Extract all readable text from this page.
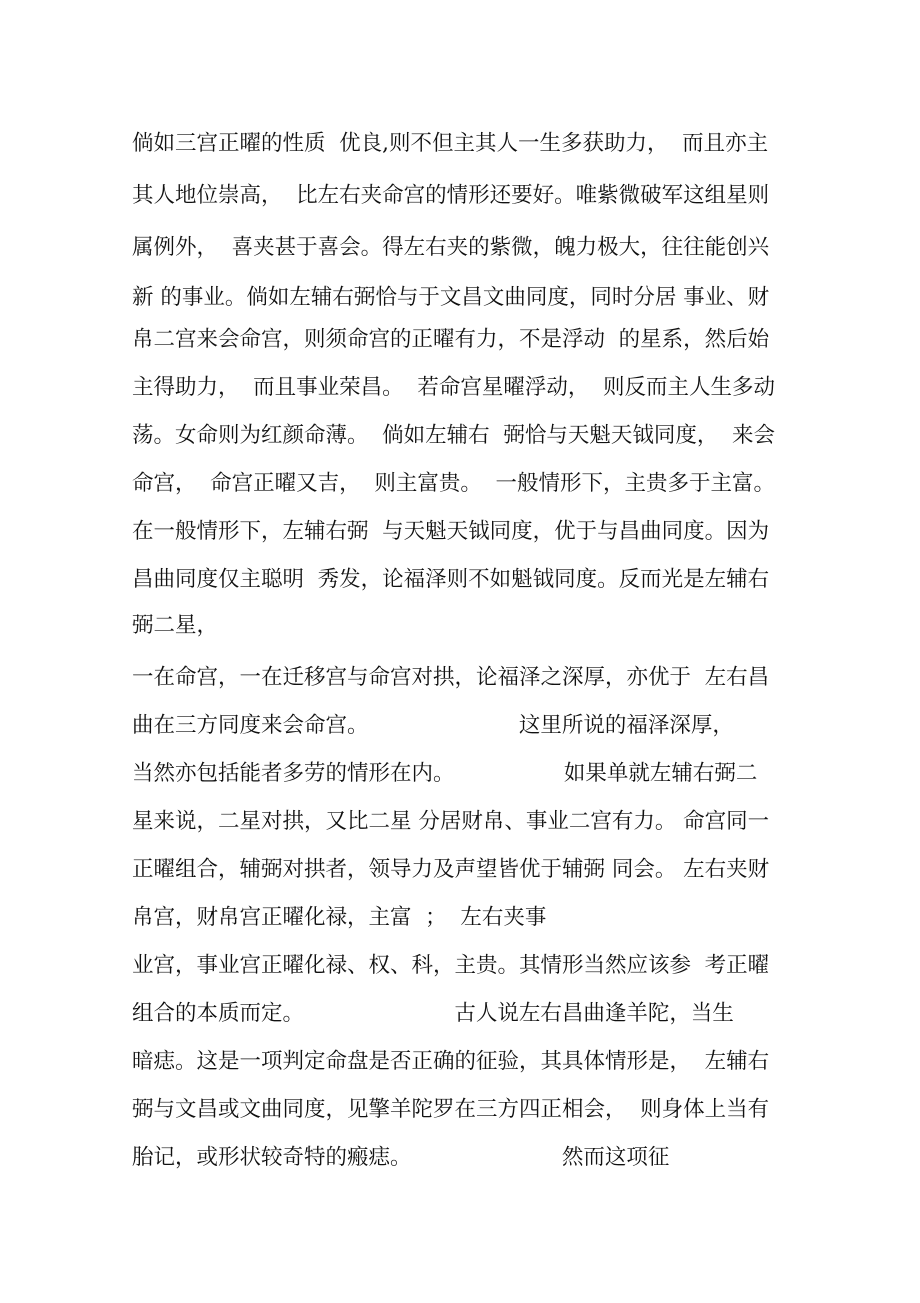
倘如三宫正曜的性质  优良,则不但主其人一生多获助力，  而且亦主
其人地位崇高，  比左右夹命宫的情形还要好。唯紫微破军这组星则
属例外，  喜夹甚于喜会。得左右夹的紫微，魄力极大，往往能创兴
新 的事业。倘如左辅右弼恰与于文昌文曲同度，同时分居 事业、财
帛二宫来会命宫，则须命宫的正曜有力，不是浮动  的星系，然后始
主得助力，  而且事业荣昌。  若命宫星曜浮动，  则反而主人生多动
荡。女命则为红颜命薄。  倘如左辅右  弼恰与天魁天钺同度，  来会
命宫，  命宫正曜又吉，  则主富贵。  一般情形下，主贵多于主富。
在一般情形下，左辅右弼  与天魁天钺同度，优于与昌曲同度。因为
昌曲同度仅主聪明  秀发，论福泽则不如魁钺同度。反而光是左辅右
弼二星，
一在命宫，一在迁移宫与命宫对拱，论福泽之深厚，亦优于  左右昌
曲在三方同度来会命宫。                      这里所说的福泽深厚，
当然亦包括能者多劳的情形在内。                如果单就左辅右弼二
星来说，二星对拱，又比二星 分居财帛、事业二宫有力。 命宫同一
正曜组合，辅弼对拱者，领导力及声望皆优于辅弼 同会。 左右夹财
帛宫，财帛宫正曜化禄，主富  ；  左右夹事
业宫，事业宫正曜化禄、权、科，主贵。其情形当然应该参  考正曜
组合的本质而定。                      古人说左右昌曲逢羊陀，当生
暗痣。这是一项判定命盘是否正确的征验，其具体情形是，  左辅右
弼与文昌或文曲同度，见擎羊陀罗在三方四正相会，  则身体上当有
胎记，或形状较奇特的瘢痣。                      然而这项征
